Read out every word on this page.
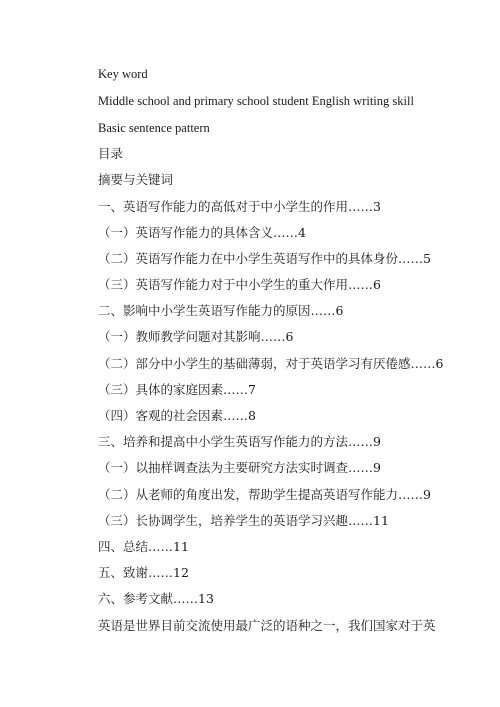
Key word
Middle school and primary school student English writing skill
Basic sentence pattern
目录
摘要与关键词
一、英语写作能力的高低对于中小学生的作用……3
（一）英语写作能力的具体含义……4
（二）英语写作能力在中小学生英语写作中的具体身份……5
（三）英语写作能力对于中小学生的重大作用……6
二、影响中小学生英语写作能力的原因……6
（一）教师教学问题对其影响……6
（二）部分中小学生的基础薄弱，对于英语学习有厌倦感……6
（三）具体的家庭因素……7
（四）客观的社会因素……8
三、培养和提高中小学生英语写作能力的方法……9
（一）以抽样调查法为主要研究方法实时调查……9
（二）从老师的角度出发，帮助学生提高英语写作能力……9
（三）长协调学生，培养学生的英语学习兴趣……11
四、总结……11
五、致谢……12
六、参考文献……13
英语是世界目前交流使用最广泛的语种之一，我们国家对于英
